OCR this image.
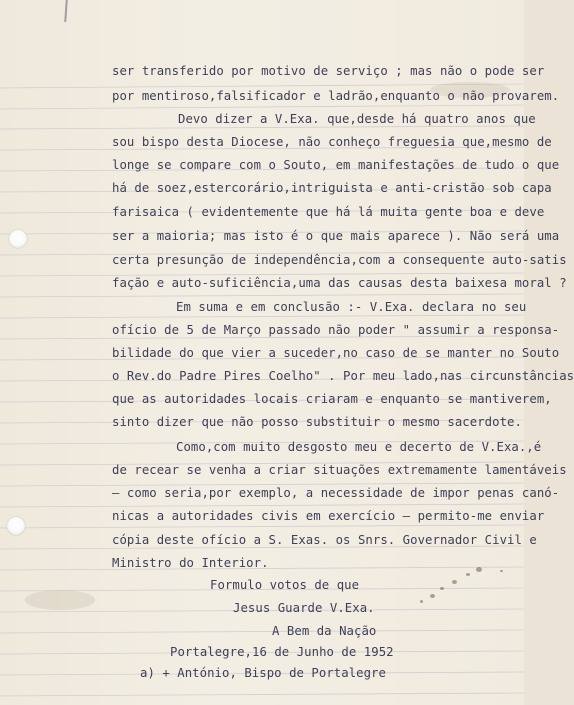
ser transferido por motivo de serviço ; mas não o pode ser
por mentiroso,falsificador e ladrão,enquanto o não provarem.
Devo dizer a V.Exa. que,desde há quatro anos que
sou bispo desta Diocese, não conheço freguesia que,mesmo de
longe se compare com o Souto, em manifestações de tudo o que
há de soez,estercorário,intriguista e anti-cristão sob capa
farisaica ( evidentemente que há lá muita gente boa e deve
ser a maioria; mas isto é o que mais aparece ). Não será uma
certa presunção de independência,com a consequente auto-satis
fação e auto-suficiência,uma das causas desta baixesa moral ?
Em suma e em conclusão :- V.Exa. declara no seu
ofício de 5 de Março passado não poder " assumir a responsa-
bilidade do que vier a suceder,no caso de se manter no Souto
o Rev.do Padre Pires Coelho" . Por meu lado,nas circunstâncias
que as autoridades locais criaram e enquanto se mantiverem,
sinto dizer que não posso substituir o mesmo sacerdote.
Como,com muito desgosto meu e decerto de V.Exa.,é
de recear se venha a criar situações extremamente lamentáveis
— como seria,por exemplo, a necessidade de impor penas canó-
nicas a autoridades civis em exercício — permito-me enviar
cópia deste ofício a S. Exas. os Snrs. Governador Civil e
Ministro do Interior.
Formulo votos de que
Jesus Guarde V.Exa.
A Bem da Nação
Portalegre,16 de Junho de 1952
a) + António, Bispo de Portalegre
